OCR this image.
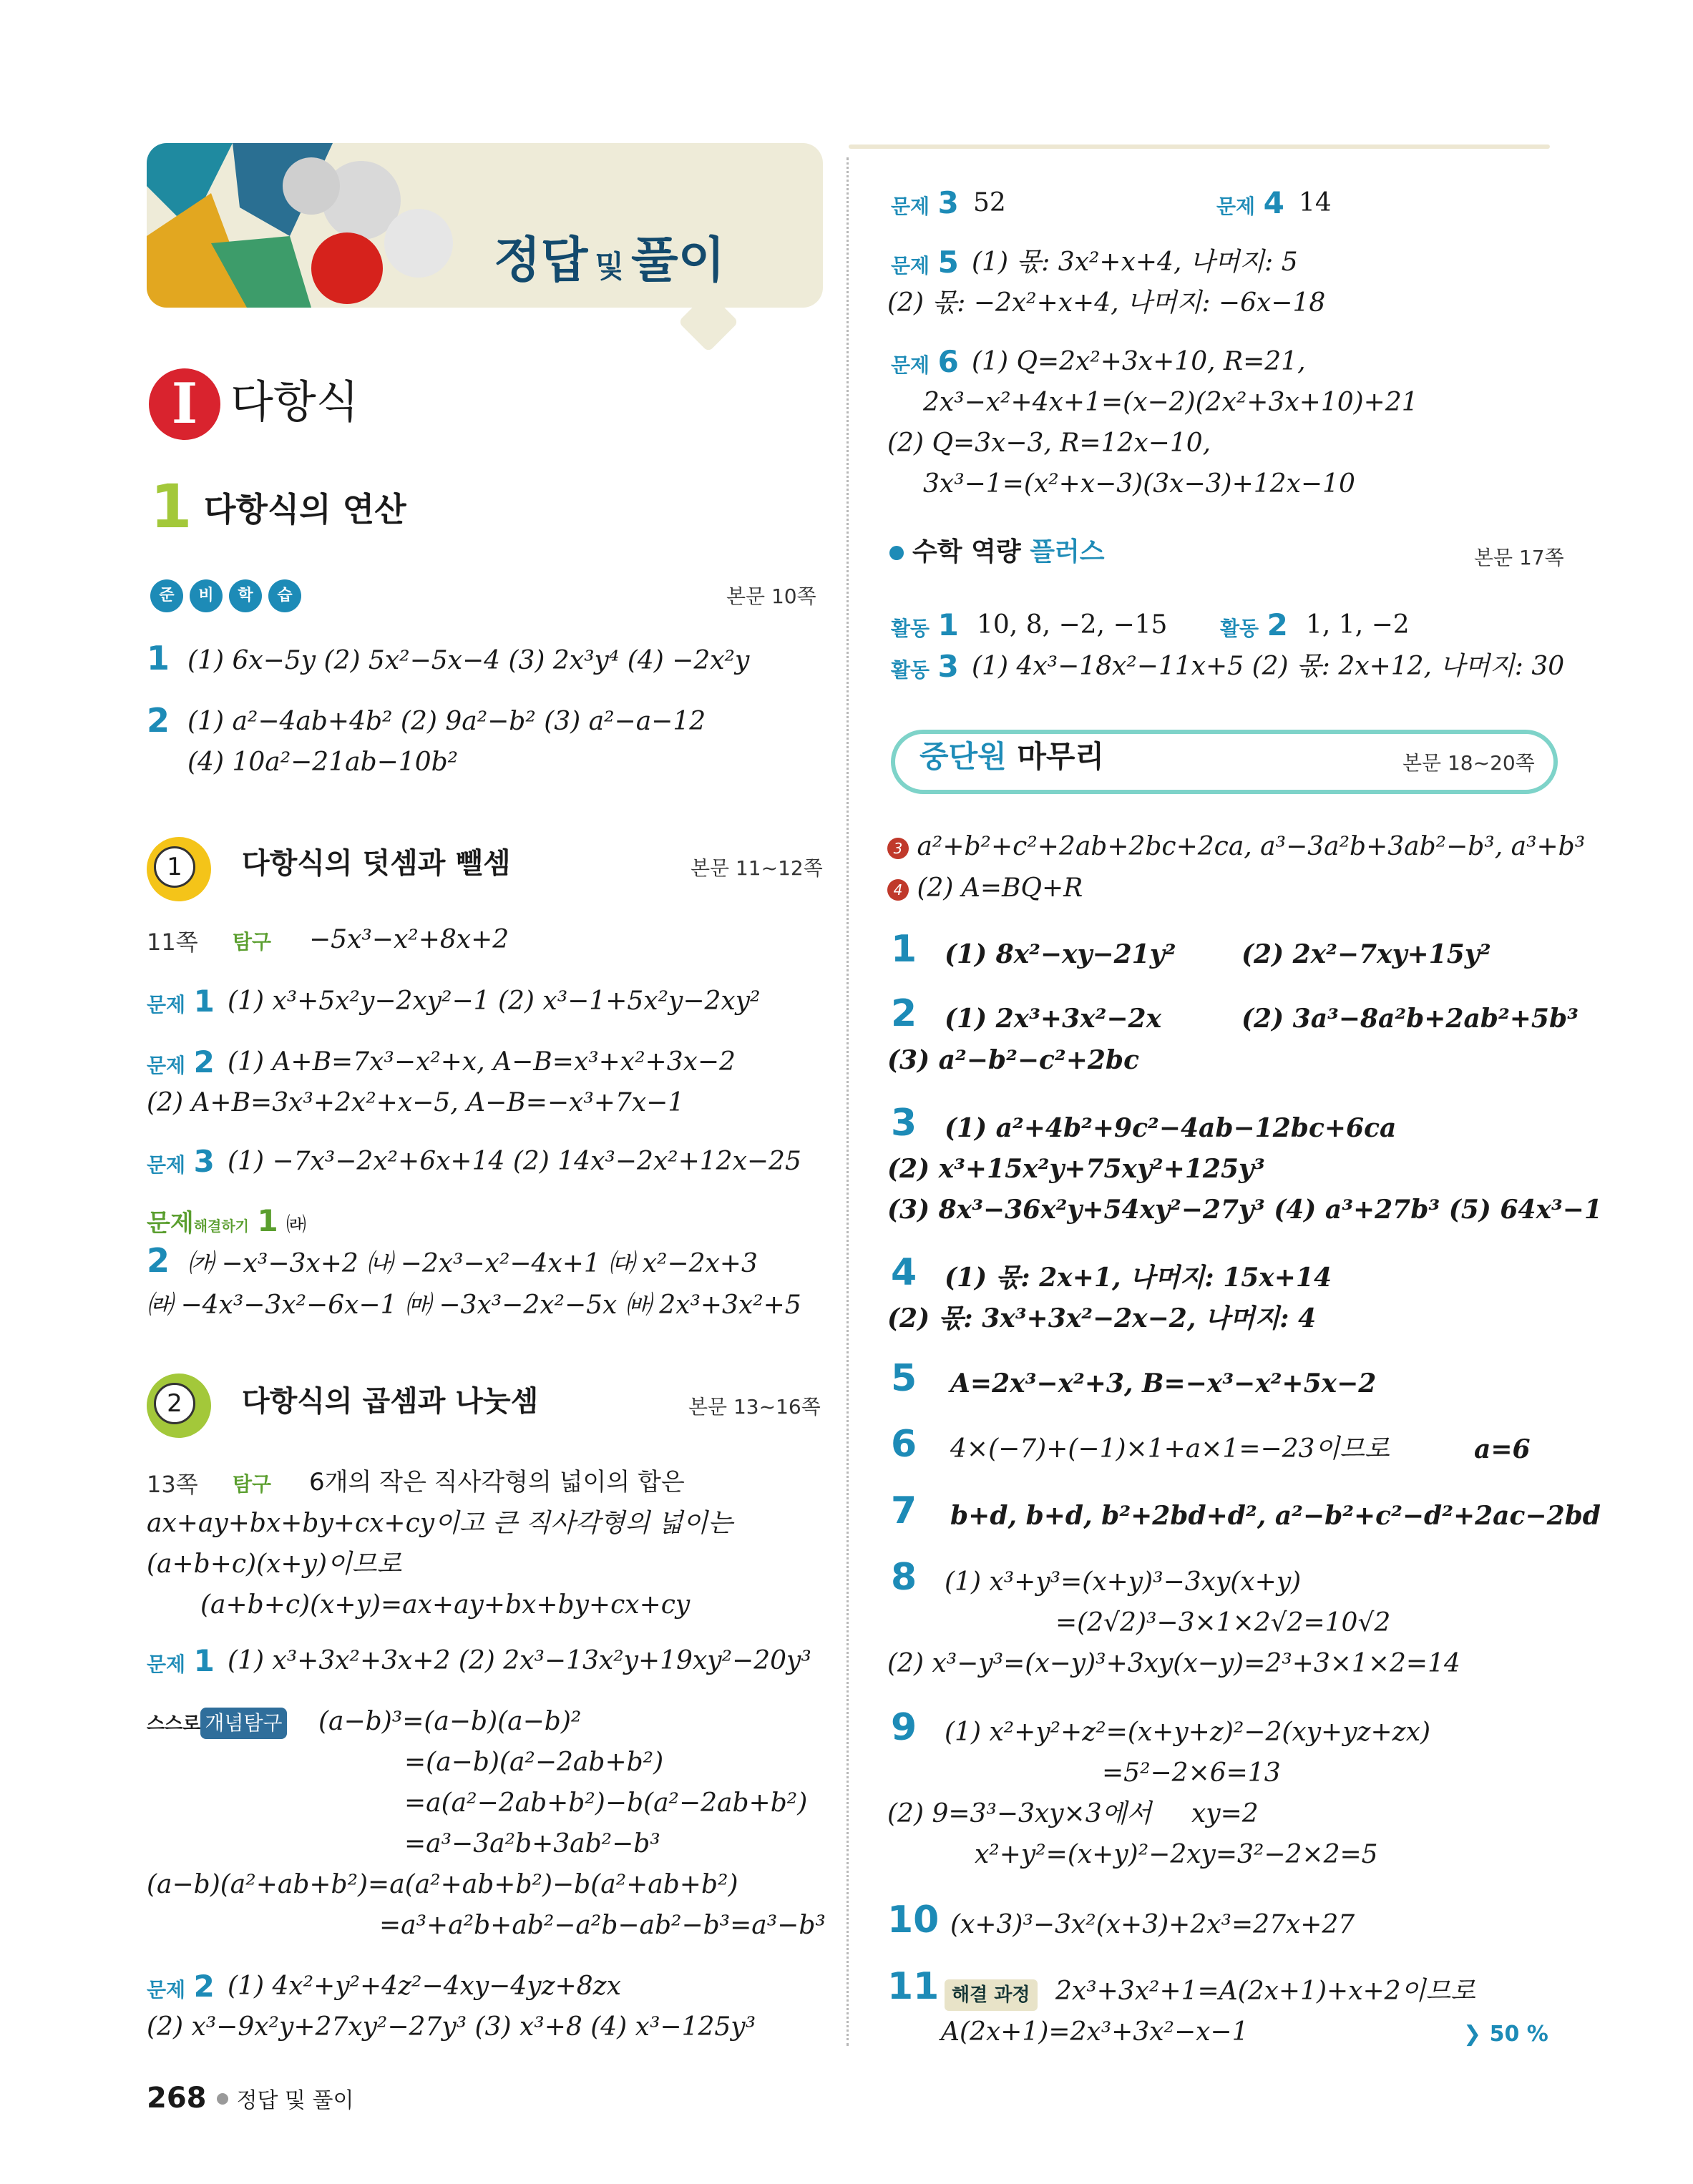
정답 및 풀이
I 다항식
1 다항식의 연산
준	비	학	습	본문 10쪽
1 (1) 6x−5y (2) 5x²−5x−4 (3) 2x³y⁴ (4) −2x²y
2 (1) a²−4ab+4b² (2) 9a²−b² (3) a²−a−12
(4) 10a²−21ab−10b²
1	다항식의 덧셈과 뺄셈	본문 11~12쪽
11쪽 탐구 −5x³−x²+8x+2
문제 1 (1) x³+5x²y−2xy²−1 (2) x³−1+5x²y−2xy²
문제 2 (1) A+B=7x³−x²+x, A−B=x³+x²+3x−2
(2) A+B=3x³+2x²+x−5, A−B=−x³+7x−1
문제 3 (1) −7x³−2x²+6x+14 (2) 14x³−2x²+12x−25
문제해결하기 1 ㈑
2 ㈎ −x³−3x+2 ㈏ −2x³−x²−4x+1 ㈐ x²−2x+3
㈑ −4x³−3x²−6x−1 ㈒ −3x³−2x²−5x ㈓ 2x³+3x²+5
2	다항식의 곱셈과 나눗셈	본문 13~16쪽
13쪽 탐구 6개의 작은 직사각형의 넓이의 합은
ax+ay+bx+by+cx+cy이고 큰 직사각형의 넓이는
(a+b+c)(x+y)이므로
(a+b+c)(x+y)=ax+ay+bx+by+cx+cy
문제 1 (1) x³+3x²+3x+2 (2) 2x³−13x²y+19xy²−20y³
스스로 개념탐구 (a−b)³=(a−b)(a−b)²
=(a−b)(a²−2ab+b²)
=a(a²−2ab+b²)−b(a²−2ab+b²)
=a³−3a²b+3ab²−b³
(a−b)(a²+ab+b²)=a(a²+ab+b²)−b(a²+ab+b²)
=a³+a²b+ab²−a²b−ab²−b³=a³−b³
문제 2 (1) 4x²+y²+4z²−4xy−4yz+8zx
(2) x³−9x²y+27xy²−27y³ (3) x³+8 (4) x³−125y³
문제 3 52	문제 4 14
문제 5 (1) 몫: 3x²+x+4, 나머지: 5
(2) 몫: −2x²+x+4, 나머지: −6x−18
문제 6 (1) Q=2x²+3x+10, R=21,
2x³−x²+4x+1=(x−2)(2x²+3x+10)+21
(2) Q=3x−3, R=12x−10,
3x³−1=(x²+x−3)(3x−3)+12x−10
수학 역량 플러스	본문 17쪽
활동 1 10, 8, −2, −15	활동 2 1, 1, −2
활동 3 (1) 4x³−18x²−11x+5 (2) 몫: 2x+12, 나머지: 30
중단원 마무리	본문 18~20쪽
3 a²+b²+c²+2ab+2bc+2ca, a³−3a²b+3ab²−b³, a³+b³
4 (2) A=BQ+R
1 (1) 8x²−xy−21y²	(2) 2x²−7xy+15y²
2 (1) 2x³+3x²−2x	(2) 3a³−8a²b+2ab²+5b³
(3) a²−b²−c²+2bc
3 (1) a²+4b²+9c²−4ab−12bc+6ca
(2) x³+15x²y+75xy²+125y³
(3) 8x³−36x²y+54xy²−27y³ (4) a³+27b³ (5) 64x³−1
4 (1) 몫: 2x+1, 나머지: 15x+14
(2) 몫: 3x³+3x²−2x−2, 나머지: 4
5 A=2x³−x²+3, B=−x³−x²+5x−2
6 4×(−7)+(−1)×1+a×1=−23이므로	a=6
7 b+d, b+d, b²+2bd+d², a²−b²+c²−d²+2ac−2bd
8 (1) x³+y³=(x+y)³−3xy(x+y)
=(2√2)³−3×1×2√2=10√2
(2) x³−y³=(x−y)³+3xy(x−y)=2³+3×1×2=14
9 (1) x²+y²+z²=(x+y+z)²−2(xy+yz+zx)
=5²−2×6=13
(2) 9=3³−3xy×3에서 xy=2
x²+y²=(x+y)²−2xy=3²−2×2=5
10 (x+3)³−3x²(x+3)+2x³=27x+27
11 해결 과정 2x³+3x²+1=A(2x+1)+x+2이므로
A(2x+1)=2x³+3x²−x−1	❯ 50 %
268 정답 및 풀이
